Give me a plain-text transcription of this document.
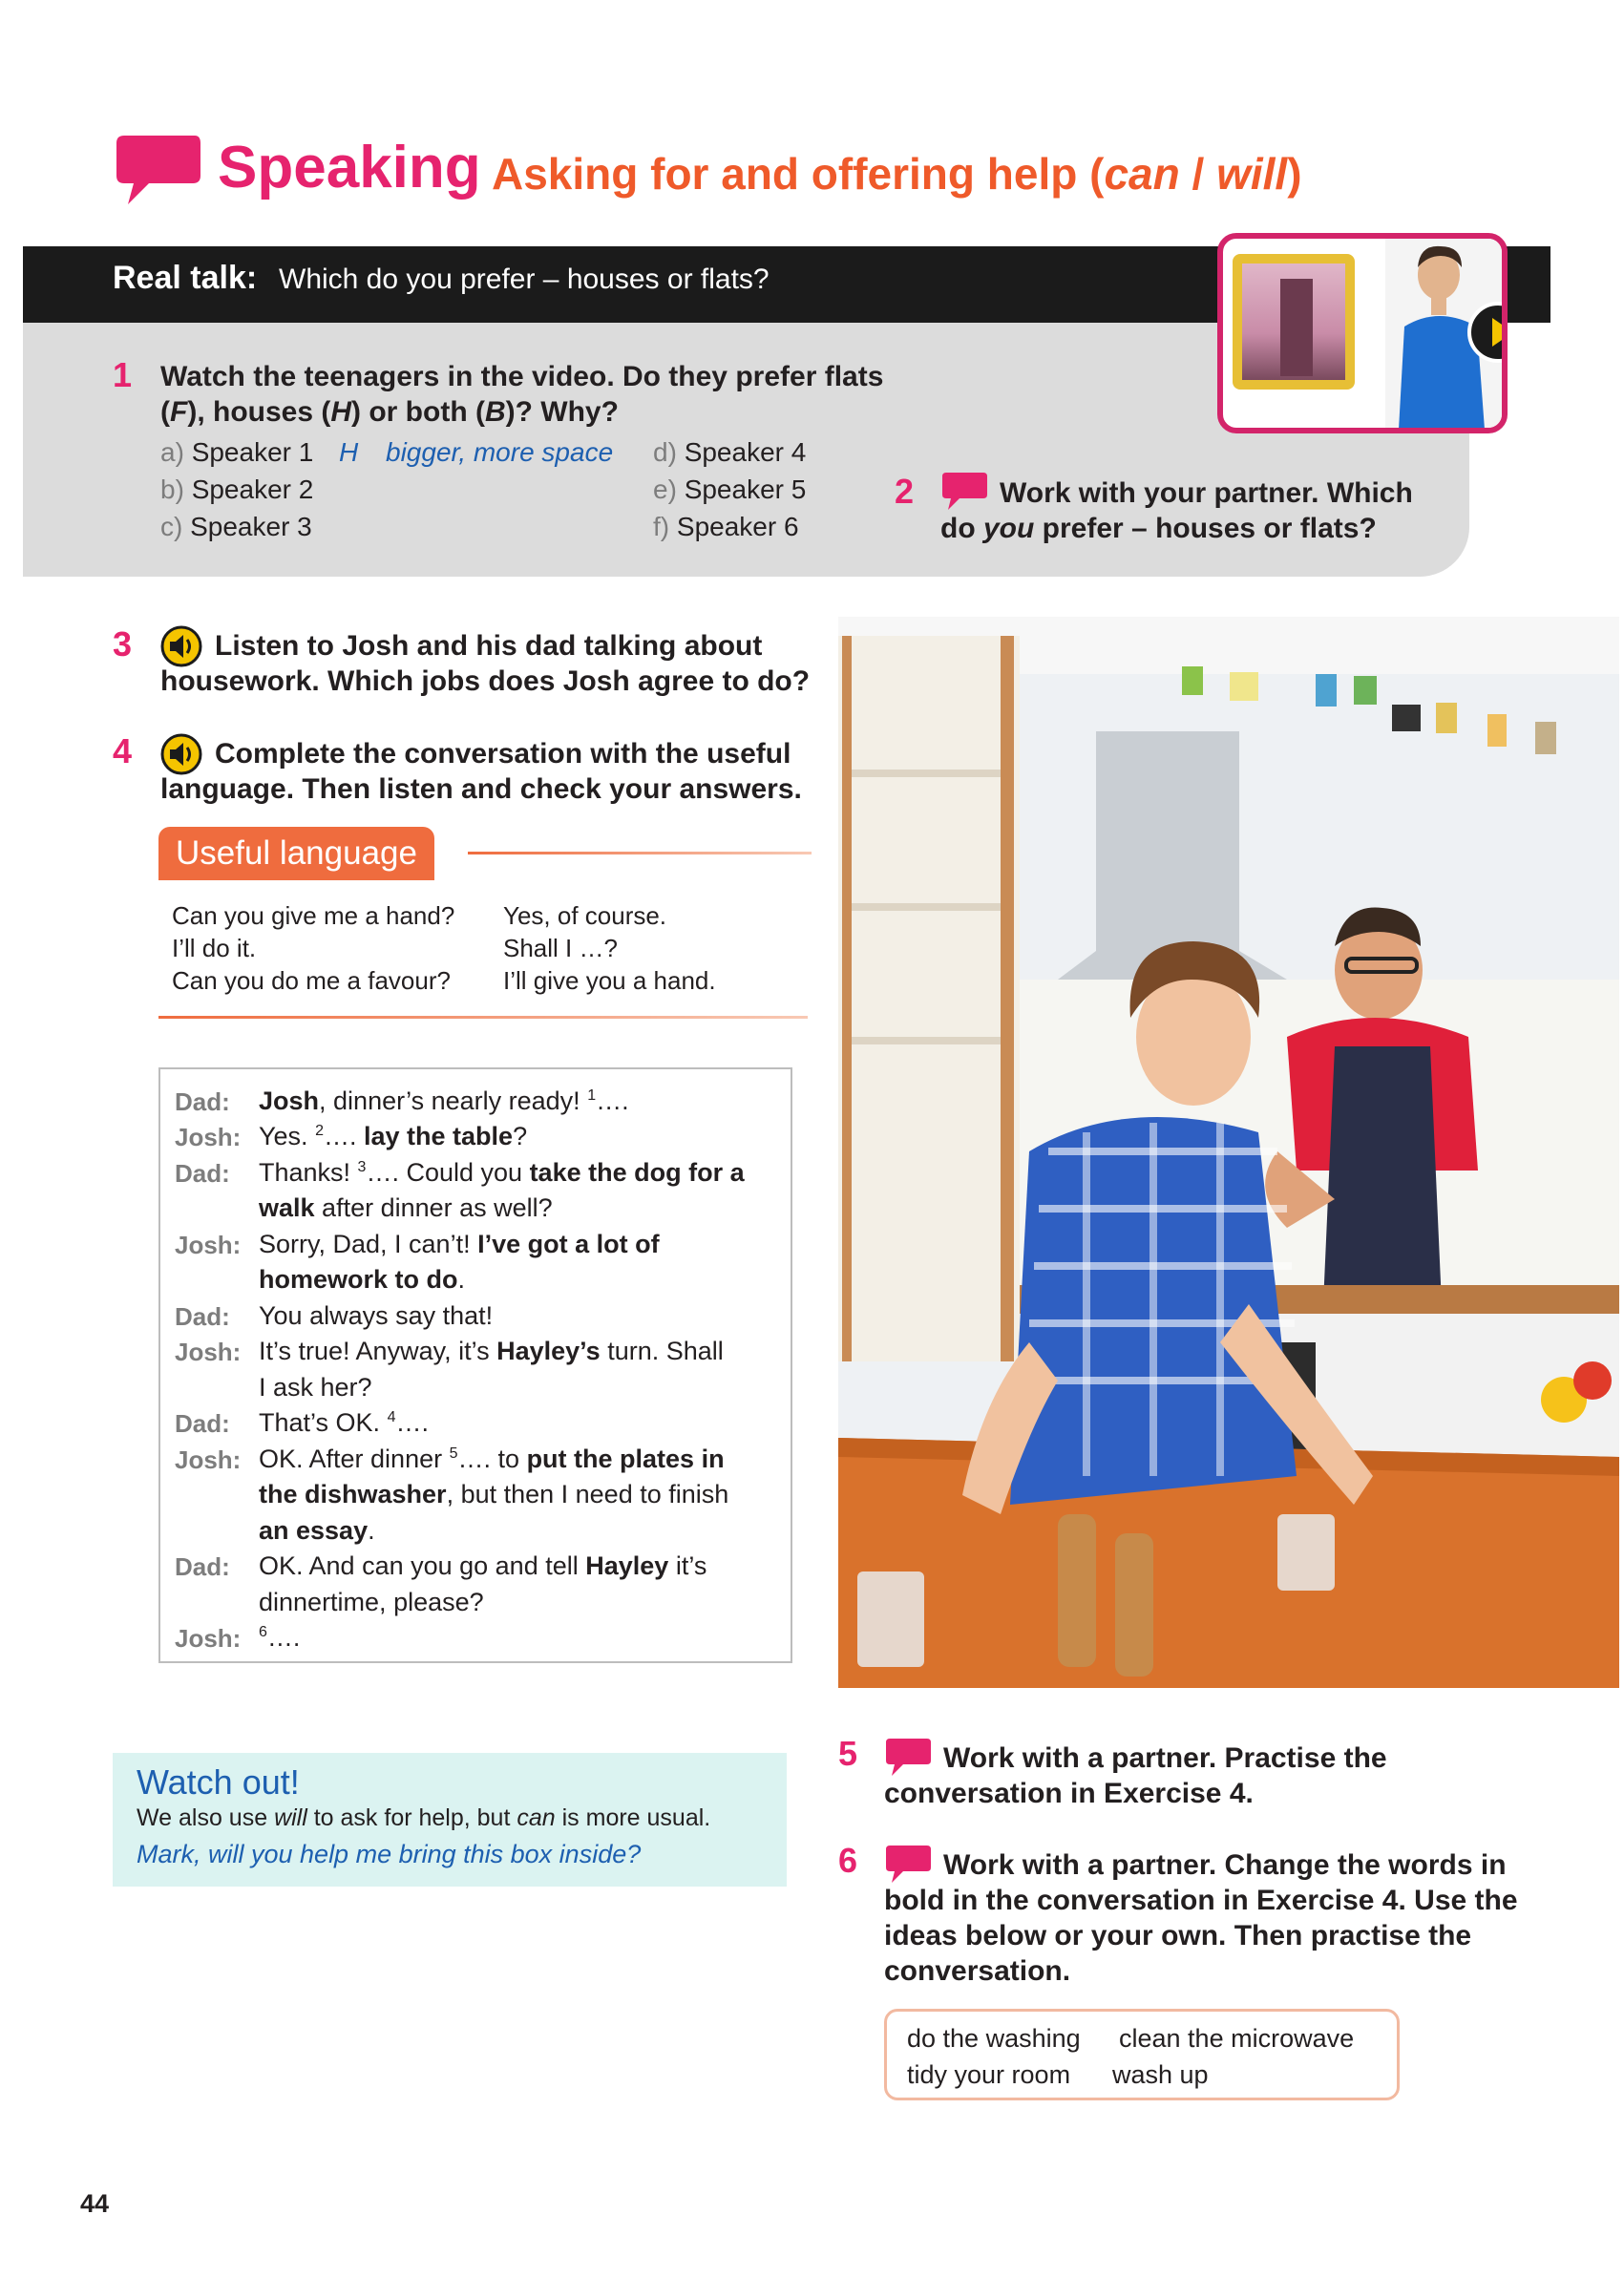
Speaking Asking for and offering help (can / will)
Real talk: Which do you prefer – houses or flats?
1 Watch the teenagers in the video. Do they prefer flats
(F), houses (H) or both (B)? Why?
a) Speaker 1
b) Speaker 2
c) Speaker 3
d) Speaker 4
e) Speaker 5
f) Speaker 6
H bigger, more space
2	Work with your partner. Which
do you prefer – houses or flats?
3	Listen to Josh and his dad talking about
housework. Which jobs does Josh agree to do?
4	Complete the conversation with the useful
language. Then listen and check your answers.
Useful language
Can you give me a hand?
I’ll do it.
Can you do me a favour?
Yes, of course.
Shall I …?
I’ll give you a hand.
Dad: Josh, dinner’s nearly ready! $^1$….
Josh: Yes. $^2$…. lay the table?
Dad: Thanks! $^3$…. Could you take the dog for a
walk after dinner as well?
Josh: Sorry, Dad, I can’t! I’ve got a lot of
homework to do.
Dad: You always say that!
Josh: It’s true! Anyway, it’s Hayley’s turn. Shall
I ask her?
Dad: That’s OK. $^4$….
Josh: OK. After dinner $^5$…. to put the plates in
the dishwasher, but then I need to finish
an essay.
Dad: OK. And can you go and tell Hayley it’s
dinnertime, please?
Josh: $^6$….
Watch out!
We also use will to ask for help, but can is more usual.
Mark, will you help me bring this box inside?
5	Work with a partner. Practise the
conversation in Exercise 4.
6	Work with a partner. Change the words in
bold in the conversation in Exercise 4. Use the
ideas below or your own. Then practise the
conversation.
do the washing clean the microwave
tidy your room wash up
44
